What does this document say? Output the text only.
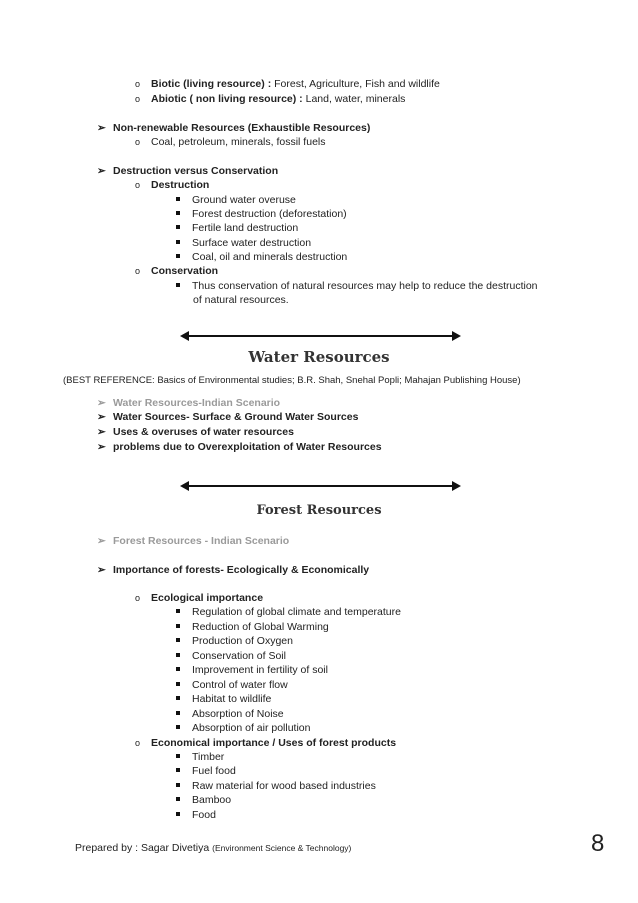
o Biotic (living resource) : Forest, Agriculture, Fish and wildlife
o Abiotic ( non living resource) : Land, water, minerals
➢ Non-renewable Resources (Exhaustible Resources)
o Coal, petroleum, minerals, fossil fuels
➢ Destruction versus Conservation
o Destruction
Ground water overuse
Forest destruction (deforestation)
Fertile land destruction
Surface water destruction
Coal, oil and minerals destruction
o Conservation
Thus conservation of natural resources may help to reduce the destruction
of natural resources.
Water Resources
(BEST REFERENCE: Basics of Environmental studies; B.R. Shah, Snehal Popli; Mahajan Publishing House)
➢ Water Resources-Indian Scenario
➢ Water Sources- Surface & Ground Water Sources
➢ Uses & overuses of water resources
➢ problems due to Overexploitation of Water Resources
Forest Resources
➢ Forest Resources - Indian Scenario
➢ Importance of forests- Ecologically & Economically
o Ecological importance
Regulation of global climate and temperature
Reduction of Global Warming
Production of Oxygen
Conservation of Soil
Improvement in fertility of soil
Control of water flow
Habitat to wildlife
Absorption of Noise
Absorption of air pollution
o Economical importance / Uses of forest products
Timber
Fuel food
Raw material for wood based industries
Bamboo
Food
Prepared by : Sagar Divetiya (Environment Science & Technology)	8
